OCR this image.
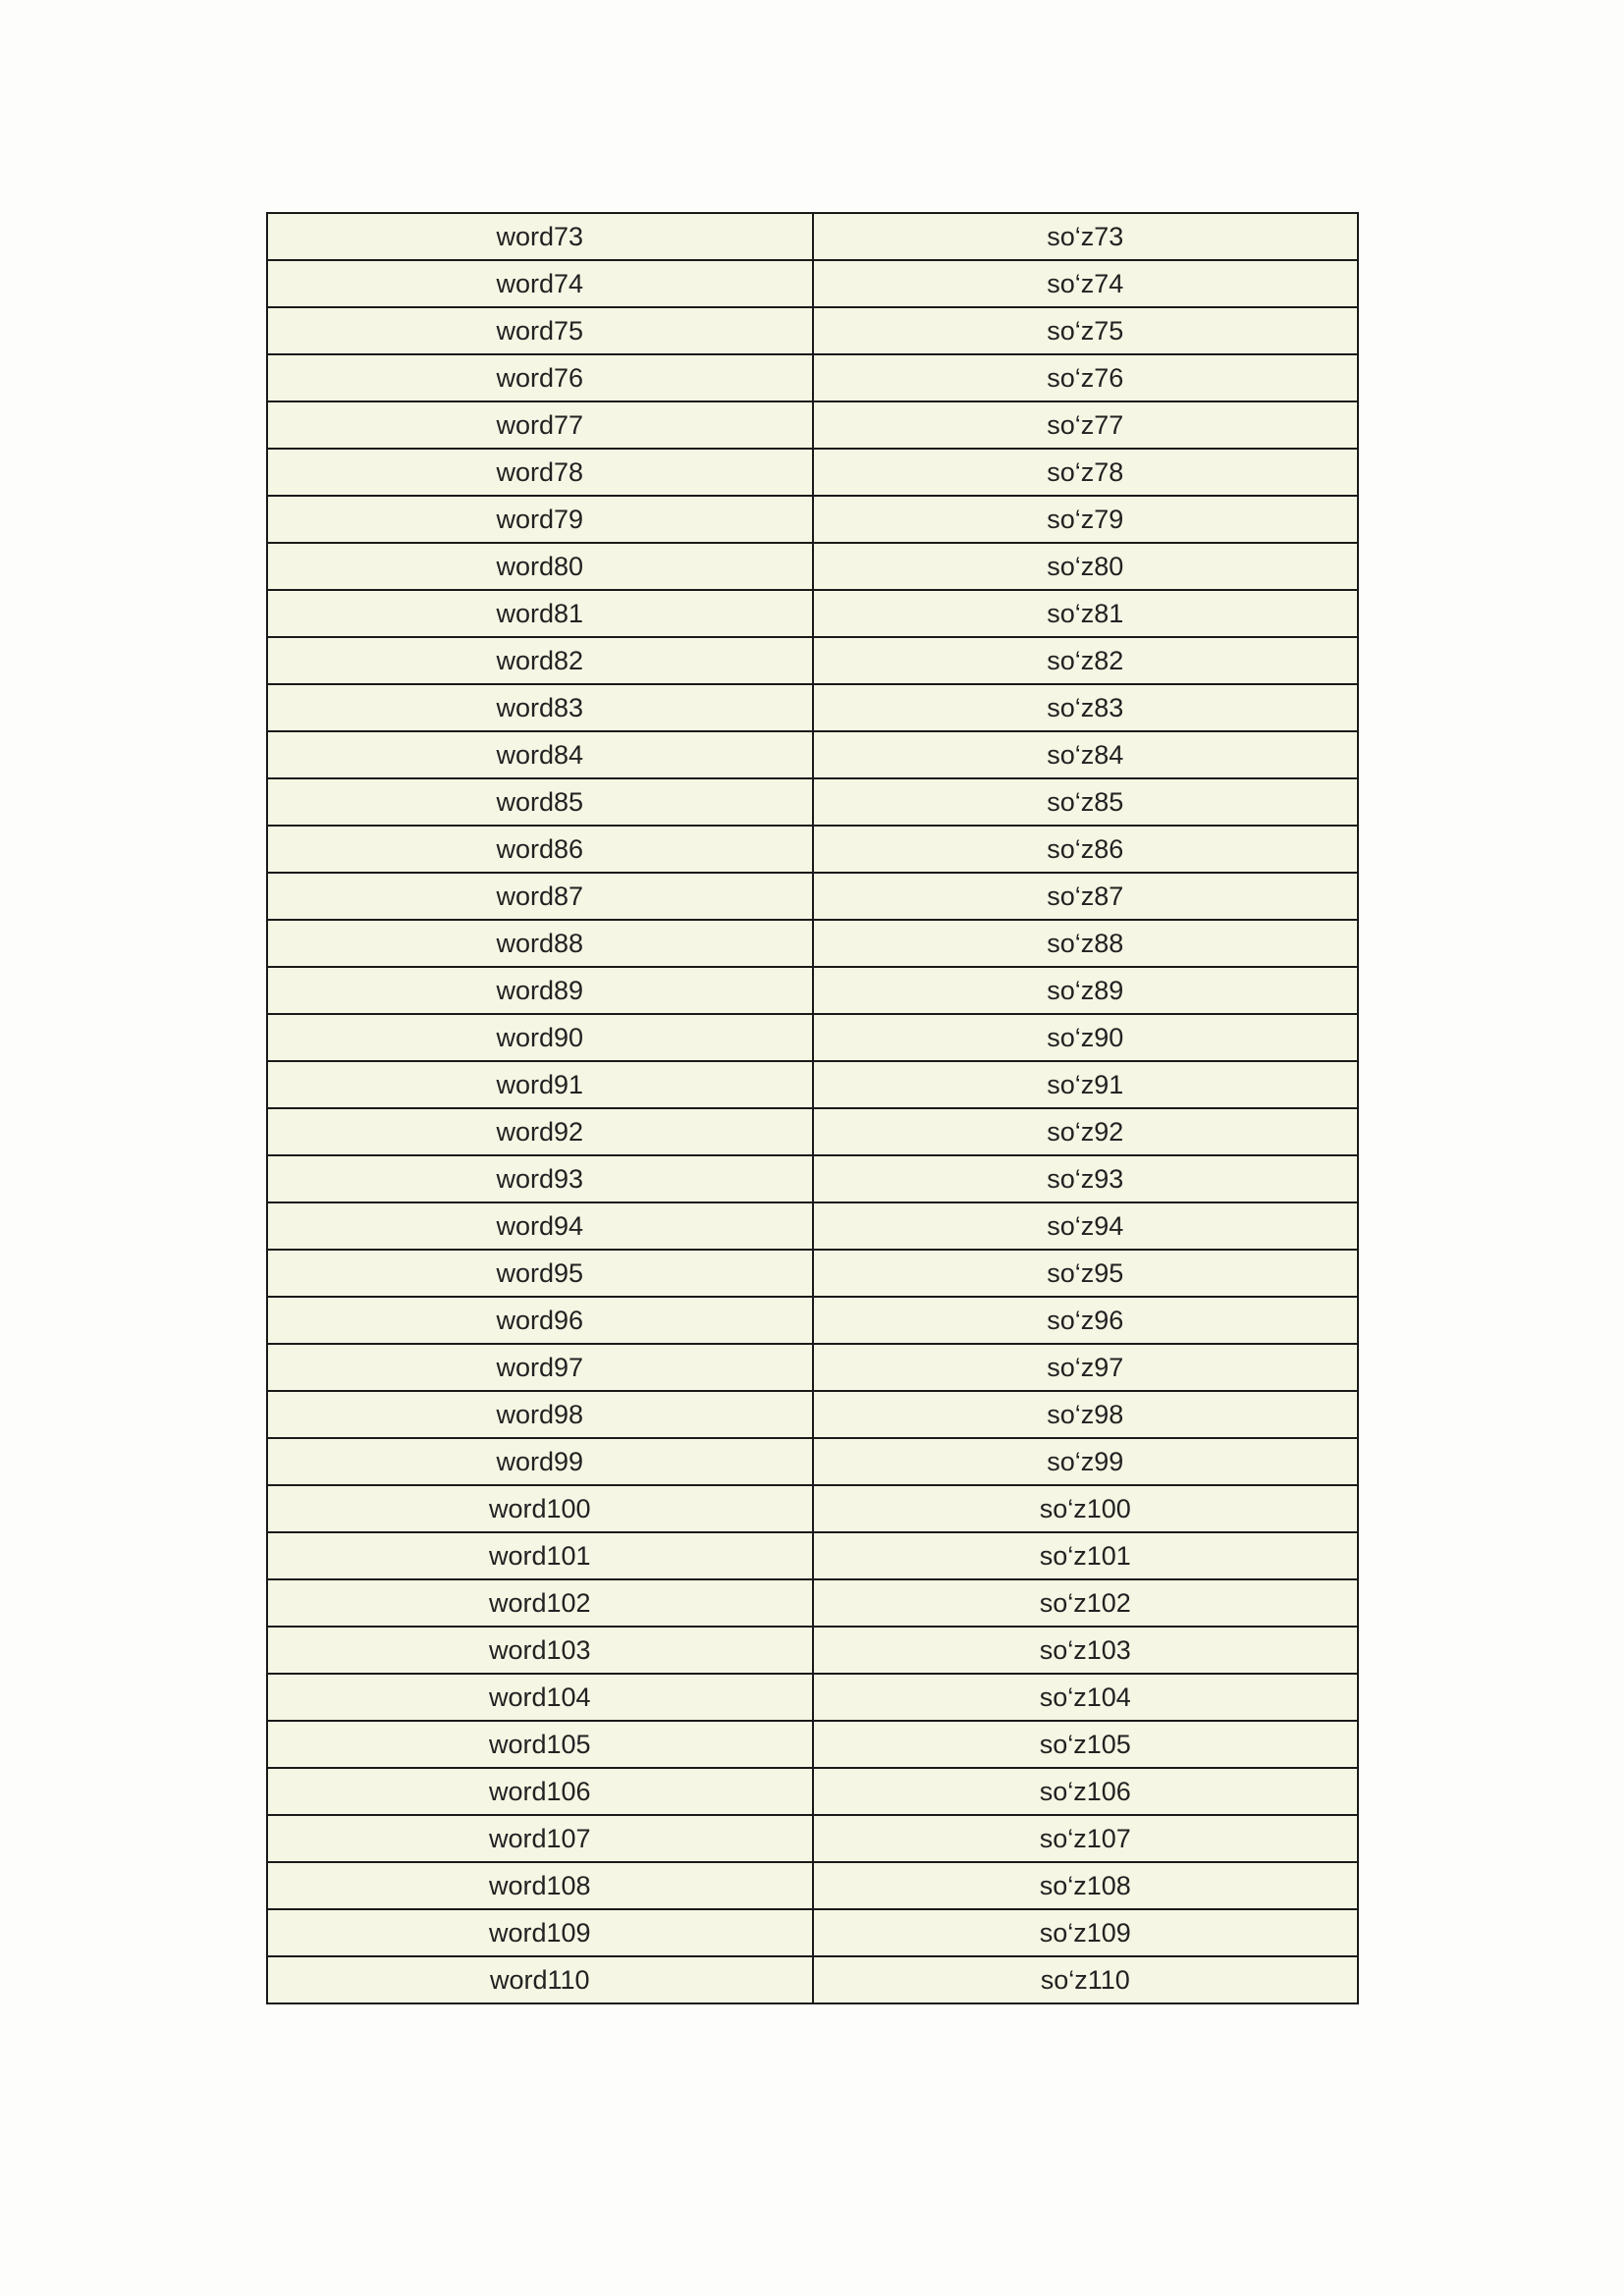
word73	so‘z73
word74	so‘z74
word75	so‘z75
word76	so‘z76
word77	so‘z77
word78	so‘z78
word79	so‘z79
word80	so‘z80
word81	so‘z81
word82	so‘z82
word83	so‘z83
word84	so‘z84
word85	so‘z85
word86	so‘z86
word87	so‘z87
word88	so‘z88
word89	so‘z89
word90	so‘z90
word91	so‘z91
word92	so‘z92
word93	so‘z93
word94	so‘z94
word95	so‘z95
word96	so‘z96
word97	so‘z97
word98	so‘z98
word99	so‘z99
word100	so‘z100
word101	so‘z101
word102	so‘z102
word103	so‘z103
word104	so‘z104
word105	so‘z105
word106	so‘z106
word107	so‘z107
word108	so‘z108
word109	so‘z109
word110	so‘z110
